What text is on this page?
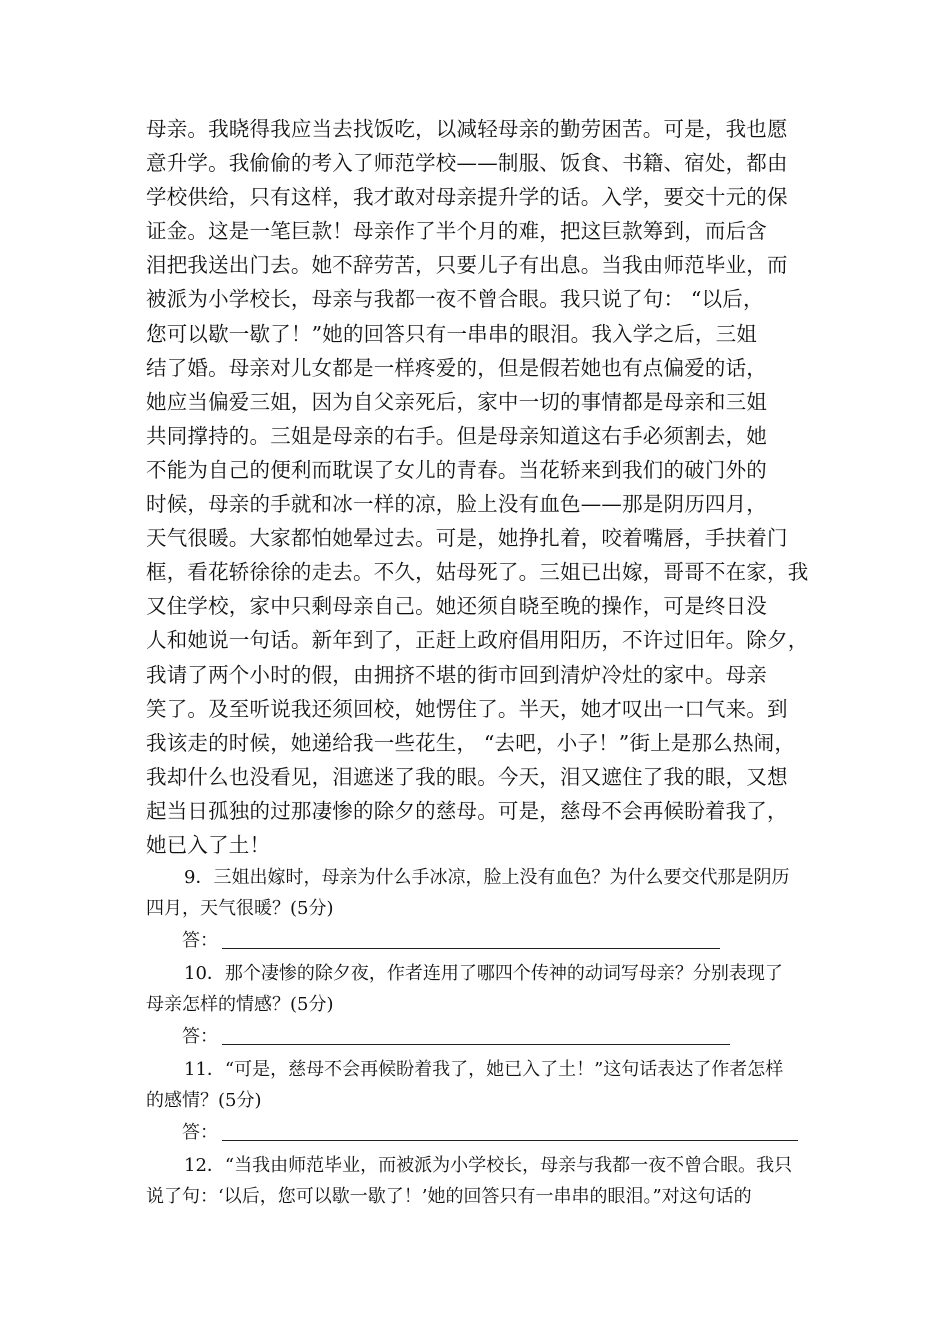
母亲。我晓得我应当去找饭吃，以减轻母亲的勤劳困苦。可是，我也愿
意升学。我偷偷的考入了师范学校——制服、饭食、书籍、宿处，都由
学校供给，只有这样，我才敢对母亲提升学的话。入学，要交十元的保
证金。这是一笔巨款！母亲作了半个月的难，把这巨款筹到，而后含
泪把我送出门去。她不辞劳苦，只要儿子有出息。当我由师范毕业，而
被派为小学校长，母亲与我都一夜不曾合眼。我只说了句： “以后，
您可以歇一歇了！”她的回答只有一串串的眼泪。我入学之后，三姐
结了婚。母亲对儿女都是一样疼爱的，但是假若她也有点偏爱的话，
她应当偏爱三姐，因为自父亲死后，家中一切的事情都是母亲和三姐
共同撑持的。三姐是母亲的右手。但是母亲知道这右手必须割去，她
不能为自己的便利而耽误了女儿的青春。当花轿来到我们的破门外的
时候，母亲的手就和冰一样的凉，脸上没有血色——那是阴历四月，
天气很暖。大家都怕她晕过去。可是，她挣扎着，咬着嘴唇，手扶着门
框，看花轿徐徐的走去。不久，姑母死了。三姐已出嫁，哥哥不在家，我
又住学校，家中只剩母亲自己。她还须自晓至晚的操作，可是终日没
人和她说一句话。新年到了，正赶上政府倡用阳历，不许过旧年。除夕，
我请了两个小时的假，由拥挤不堪的街市回到清炉冷灶的家中。母亲
笑了。及至听说我还须回校，她愣住了。半天，她才叹出一口气来。到
我该走的时候，她递给我一些花生， “去吧，小子！”街上是那么热闹，
我却什么也没看见，泪遮迷了我的眼。今天，泪又遮住了我的眼，又想
起当日孤独的过那凄惨的除夕的慈母。可是，慈母不会再候盼着我了，
她已入了土！
9．三姐出嫁时，母亲为什么手冰凉，脸上没有血色？为什么要交代那是阴历
四月，天气很暖？(5分)
答：
10．那个凄惨的除夕夜，作者连用了哪四个传神的动词写母亲？分别表现了
母亲怎样的情感？(5分)
答：
11．“可是，慈母不会再候盼着我了，她已入了土！”这句话表达了作者怎样
的感情？(5分)
答：
12．“当我由师范毕业，而被派为小学校长，母亲与我都一夜不曾合眼。我只
说了句：‘以后，您可以歇一歇了！’她的回答只有一串串的眼泪。”对这句话的
